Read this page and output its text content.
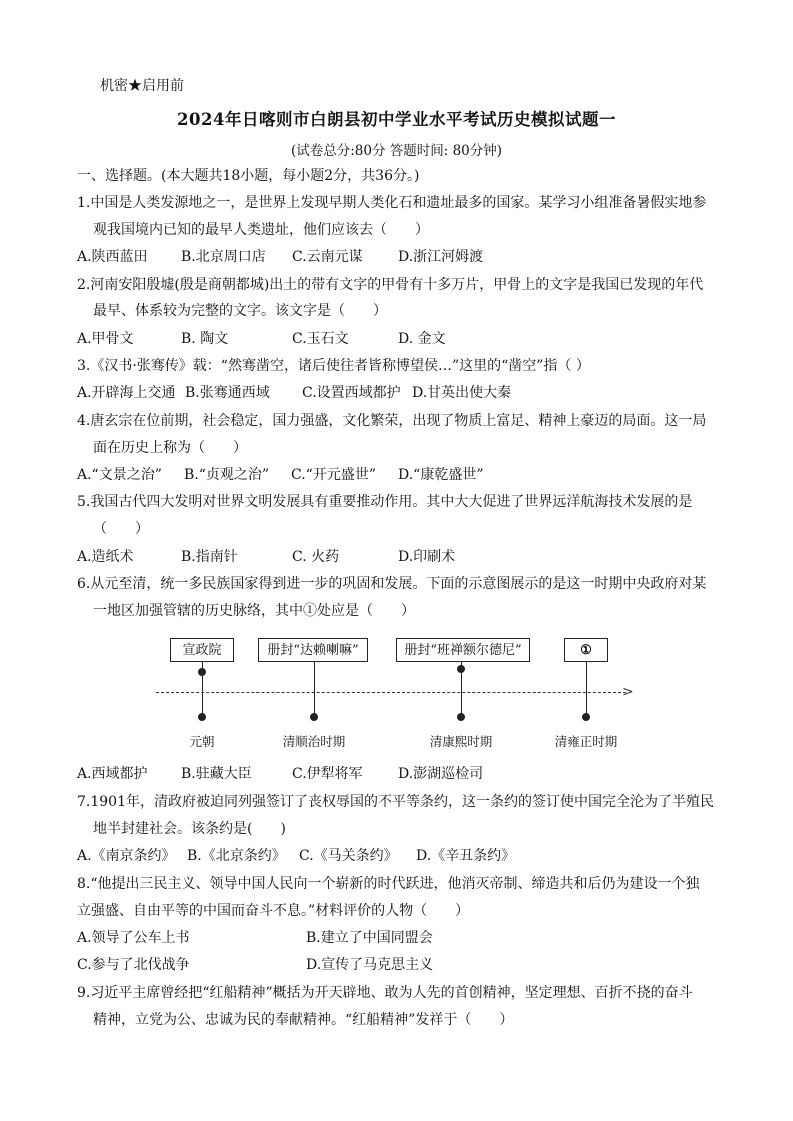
机密★启用前
2024年日喀则市白朗县初中学业水平考试历史模拟试题一
(试卷总分:80分 答题时间: 80分钟)
一、选择题。(本大题共18小题，每小题2分，共36分。)
1.中国是人类发源地之一，是世界上发现早期人类化石和遗址最多的国家。某学习小组准备暑假实地参
观我国境内已知的最早人类遗址，他们应该去（　　）
A.陕西蓝田 B.北京周口店 C.云南元谋	D.浙江河姆渡
2.河南安阳殷墟(殷是商朝都城)出土的带有文字的甲骨有十多万片，甲骨上的文字是我国已发现的年代
最早、体系较为完整的文字。该文字是（　　）
A.甲骨文	B. 陶文	C.玉石文	D. 金文
3.《汉书·张骞传》载：“然骞凿空，诸后使往者皆称博望侯…”这里的“凿空”指（ ）
A.开辟海上交通 B.张骞通西域 C.设置西域都护 D.甘英出使大秦
4.唐玄宗在位前期，社会稳定，国力强盛，文化繁荣，出现了物质上富足、精神上豪迈的局面。这一局
面在历史上称为（　　）
A.“文景之治” B.“贞观之治” C.“开元盛世” D.“康乾盛世”
5.我国古代四大发明对世界文明发展具有重要推动作用。其中大大促进了世界远洋航海技术发展的是
（　　）
A.造纸术	B.指南针	C. 火药	D.印刷术
6.从元至清，统一多民族国家得到进一步的巩固和发展。下面的示意图展示的是这一时期中央政府对某
一地区加强管辖的历史脉络，其中①处应是（　　）
宣政院	册封“达赖喇嘛”	册封“班禅额尔德尼”	①
>
元朝	清顺治时期	清康熙时期	清雍正时期
A.西域都护 B.驻藏大臣	C.伊犁将军	D.澎湖巡检司
7.1901年，清政府被迫同列强签订了丧权辱国的不平等条约，这一条约的签订使中国完全沦为了半殖民
地半封建社会。该条约是(　　)
A.《南京条约》 B.《北京条约》 C.《马关条约》 D.《辛丑条约》
8.“他提出三民主义、领导中国人民向一个崭新的时代跃进，他消灭帝制、缔造共和后仍为建设一个独
立强盛、自由平等的中国而奋斗不息。”材料评价的人物（　　）
A.领导了公车上书	B.建立了中国同盟会
C.参与了北伐战争	D.宣传了马克思主义
9.习近平主席曾经把“红船精神”概括为开天辟地、敢为人先的首创精神，坚定理想、百折不挠的奋斗
精神，立党为公、忠诚为民的奉献精神。“红船精神”发祥于（　　）
